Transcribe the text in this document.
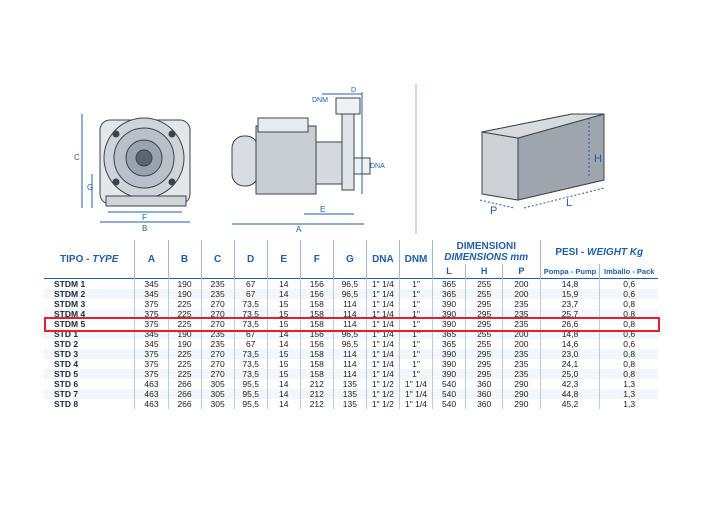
C
G
F
B
DNM
D
DNA
E
A
H
P
L
TIPO - TYPE	A	B	C	D	E	F	G	DNA	DNM	DIMENSIONI
DIMENSIONS mm			PESI - WEIGHT Kg	
										L	H	P	Pompa - Pump	Imballo - Pack
STDM 1	345	190	235	67	14	156	96,5	1" 1/4	1"	365	255	200	14,8	0,6
STDM 2	345	190	235	67	14	156	96,5	1" 1/4	1"	365	255	200	15,9	0,6
STDM 3	375	225	270	73,5	15	158	114	1" 1/4	1"	390	295	235	23,7	0,8
STDM 4	375	225	270	73,5	15	158	114	1" 1/4	1"	390	295	235	25,7	0,8
STDM 5	375	225	270	73,5	15	158	114	1" 1/4	1"	390	295	235	26,6	0,8
STD 1	345	190	235	67	14	156	96,5	1" 1/4	1"	365	255	200	14,8	0,6
STD 2	345	190	235	67	14	156	96,5	1" 1/4	1"	365	255	200	14,6	0,6
STD 3	375	225	270	73,5	15	158	114	1" 1/4	1"	390	295	235	23,0	0,8
STD 4	375	225	270	73,5	15	158	114	1" 1/4	1"	390	295	235	24,1	0,8
STD 5	375	225	270	73,5	15	158	114	1" 1/4	1"	390	295	235	25,0	0,8
STD 6	463	266	305	95,5	14	212	135	1" 1/2	1" 1/4	540	360	290	42,3	1,3
STD 7	463	266	305	95,5	14	212	135	1" 1/2	1" 1/4	540	360	290	44,8	1,3
STD 8	463	266	305	95,5	14	212	135	1" 1/2	1" 1/4	540	360	290	45,2	1,3
